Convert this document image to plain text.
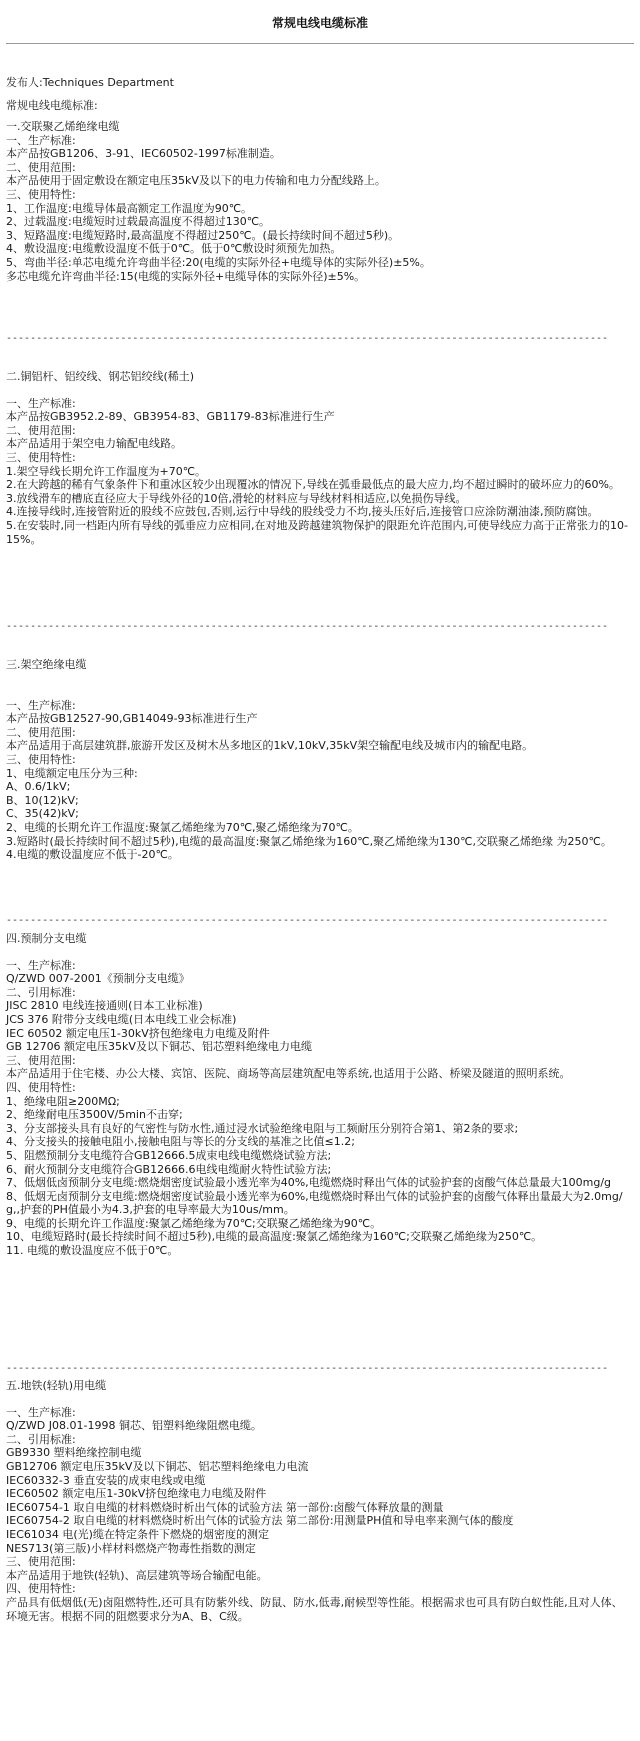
常规电线电缆标准
发布人:Techniques Department
常规电线电缆标准:
一.交联聚乙烯绝缘电缆
一、生产标准:
本产品按GB1206、3-91、IEC60502-1997标准制造。
二、使用范围:
本产品使用于固定敷设在额定电压35kV及以下的电力传输和电力分配线路上。
三、使用特性:
1、工作温度:电缆导体最高额定工作温度为90℃。
2、过载温度:电缆短时过载最高温度不得超过130℃。
3、短路温度:电缆短路时,最高温度不得超过250℃。(最长持续时间不超过5秒)。
4、敷设温度:电缆敷设温度不低于0℃。低于0℃敷设时须预先加热。
5、弯曲半径:单芯电缆允许弯曲半径:20(电缆的实际外径+电缆导体的实际外径)±5%。
多芯电缆允许弯曲半径:15(电缆的实际外径+电缆导体的实际外径)±5%。
----------------------------------------------------------------------------------------------------
二.铜铝杆、铝绞线、钢芯铝绞线(稀土)
一、生产标准:
本产品按GB3952.2-89、GB3954-83、GB1179-83标准进行生产
二、使用范围:
本产品适用于架空电力输配电线路。
三、使用特性:
1.架空导线长期允许工作温度为+70℃。
2.在大跨越的稀有气象条件下和重冰区较少出现覆冰的情况下,导线在弧垂最低点的最大应力,均不超过瞬时的破坏应力的60%。
3.放线滑车的槽底直径应大于导线外径的10倍,滑轮的材料应与导线材料相适应,以免损伤导线。
4.连接导线时,连接管附近的股线不应鼓包,否则,运行中导线的股线受力不均,接头压好后,连接管口应涂防潮油漆,预防腐蚀。
5.在安装时,同一档距内所有导线的弧垂应力应相同,在对地及跨越建筑物保护的限距允许范围内,可使导线应力高于正常张力的10-15%。
----------------------------------------------------------------------------------------------------
三.架空绝缘电缆
一、生产标准:
本产品按GB12527-90,GB14049-93标准进行生产
二、使用范围:
本产品适用于高层建筑群,旅游开发区及树木丛多地区的1kV,10kV,35kV架空输配电线及城市内的输配电路。
三、使用特性:
1、电缆额定电压分为三种:
A、0.6/1kV;
B、10(12)kV;
C、35(42)kV;
2、电缆的长期允许工作温度:聚氯乙烯绝缘为70℃,聚乙烯绝缘为70℃。
3.短路时(最长持续时间不超过5秒),电缆的最高温度:聚氯乙烯绝缘为160℃,聚乙烯绝缘为130℃,交联聚乙烯绝缘 为250℃。
4.电缆的敷设温度应不低于-20℃。
----------------------------------------------------------------------------------------------------
四.预制分支电缆
一、生产标准:
Q/ZWD 007-2001《预制分支电缆》
二、引用标准:
JISC 2810 电线连接通则(日本工业标准)
JCS 376 附带分支线电缆(日本电线工业会标准)
IEC 60502 额定电压1-30kV挤包绝缘电力电缆及附件
GB 12706 额定电压35kV及以下铜芯、铝芯塑料绝缘电力电缆
三、使用范围:
本产品适用于住宅楼、办公大楼、宾馆、医院、商场等高层建筑配电等系统,也适用于公路、桥梁及隧道的照明系统。
四、使用特性:
1、绝缘电阻≥200MΩ;
2、绝缘耐电压3500V/5min不击穿;
3、分支部接头具有良好的气密性与防水性,通过浸水试验绝缘电阻与工频耐压分别符合第1、第2条的要求;
4、分支接头的接触电阻小,接触电阻与等长的分支线的基准之比值≤1.2;
5、阻燃预制分支电缆符合GB12666.5成束电线电缆燃烧试验方法;
6、耐火预制分支电缆符合GB12666.6电线电缆耐火特性试验方法;
7、低烟低卤预制分支电缆:燃烧烟密度试验最小透光率为40%,电缆燃烧时释出气体的试验护套的卤酸气体总量最大100mg/g
8、低烟无卤预制分支电缆:燃烧烟密度试验最小透光率为60%,电缆燃烧时释出气体的试验护套的卤酸气体释出量最大为2.0mg/g,,护套的PH值最小为4.3,护套的电导率最大为10us/mm。
9、电缆的长期允许工作温度:聚氯乙烯绝缘为70℃;交联聚乙烯绝缘为90℃。
10、电缆短路时(最长持续时间不超过5秒),电缆的最高温度:聚氯乙烯绝缘为160℃;交联聚乙烯绝缘为250℃。
11. 电缆的敷设温度应不低于0℃。
----------------------------------------------------------------------------------------------------
五.地铁(轻轨)用电缆
一、生产标准:
Q/ZWD J08.01-1998 铜芯、铝塑料绝缘阻燃电缆。
二、引用标准:
GB9330 塑料绝缘控制电缆
GB12706 额定电压35kV及以下铜芯、铝芯塑料绝缘电力电流
IEC60332-3 垂直安装的成束电线或电缆
IEC60502 额定电压1-30kV挤包绝缘电力电缆及附件
IEC60754-1 取自电缆的材料燃烧时析出气体的试验方法 第一部份:卤酸气体释放量的测量
IEC60754-2 取自电缆的材料燃烧时析出气体的试验方法 第二部份:用测量PH值和导电率来测气体的酸度
IEC61034 电(光)缆在特定条件下燃烧的烟密度的测定
NES713(第三版)小样材料燃烧产物毒性指数的测定
三、使用范围:
本产品适用于地铁(轻轨)、高层建筑等场合输配电能。
四、使用特性:
产品具有低烟低(无)卤阻燃特性,还可具有防紫外线、防鼠、防水,低毒,耐候型等性能。根据需求也可具有防白蚁性能,且对人体、环境无害。根据不同的阻燃要求分为A、B、C级。
